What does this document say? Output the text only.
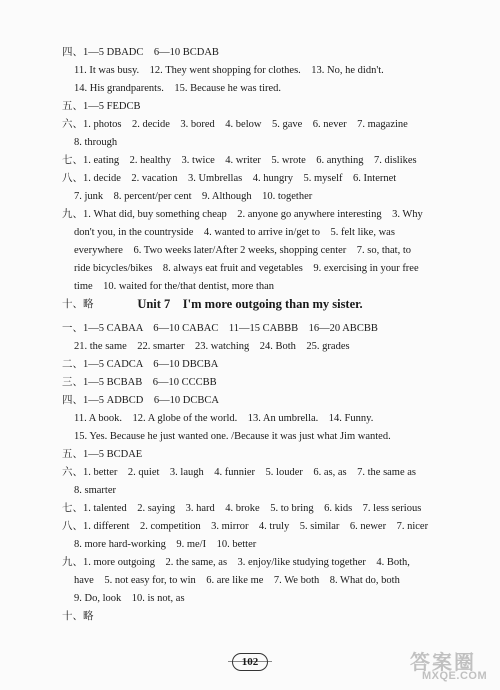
四、1—5 DBADC　6—10 BCDAB
11. It was busy.　12. They went shopping for clothes.　13. No, he didn't.
14. His grandparents.　15. Because he was tired.
五、1—5 FEDCB
六、1. photos　2. decide　3. bored　4. below　5. gave　6. never　7. magazine
8. through
七、1. eating　2. healthy　3. twice　4. writer　5. wrote　6. anything　7. dislikes
八、1. decide　2. vacation　3. Umbrellas　4. hungry　5. myself　6. Internet
7. junk　8. percent/per cent　9. Although　10. together
九、1. What did, buy something cheap　2. anyone go anywhere interesting　3. Why
don't you, in the countryside　4. wanted to arrive in/get to　5. felt like, was
everywhere　6. Two weeks later/After 2 weeks, shopping center　7. so, that, to
ride bicycles/bikes　8. always eat fruit and vegetables　9. exercising in your free
time　10. waited for the/that dentist, more than
十、略	Unit 7　I'm more outgoing than my sister.
一、1—5 CABAA　6—10 CABAC　11—15 CABBB　16—20 ABCBB
21. the same　22. smarter　23. watching　24. Both　25. grades
二、1—5 CADCA　6—10 DBCBA
三、1—5 BCBAB　6—10 CCCBB
四、1—5 ADBCD　6—10 DCBCA
11. A book.　12. A globe of the world.　13. An umbrella.　14. Funny.
15. Yes. Because he just wanted one. /Because it was just what Jim wanted.
五、1—5 BCDAE
六、1. better　2. quiet　3. laugh　4. funnier　5. louder　6. as, as　7. the same as
8. smarter
七、1. talented　2. saying　3. hard　4. broke　5. to bring　6. kids　7. less serious
八、1. different　2. competition　3. mirror　4. truly　5. similar　6. newer　7. nicer
8. more hard-working　9. me/I　10. better
九、1. more outgoing　2. the same, as　3. enjoy/like studying together　4. Both,
have　5. not easy for, to win　6. are like me　7. We both　8. What do, both
9. Do, look　10. is not, as
十、略
102	答案圈
MXQE.COM
